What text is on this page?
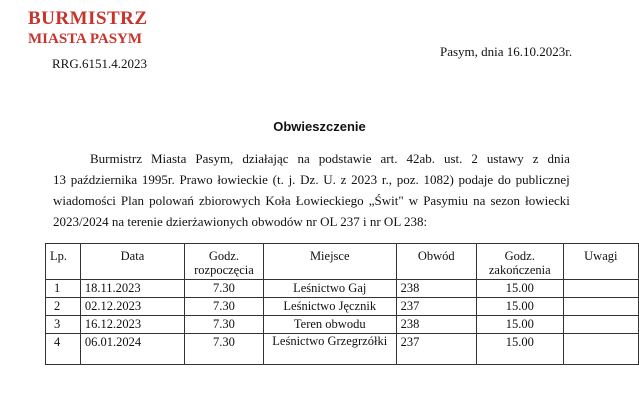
BURMISTRZ
MIASTA PASYM
RRG.6151.4.2023
Pasym, dnia 16.10.2023r.
Obwieszczenie
Burmistrz Miasta Pasym, działając na podstawie art. 42ab. ust. 2 ustawy z dnia
13 października 1995r. Prawo łowieckie (t. j. Dz. U. z 2023 r., poz. 1082) podaje do publicznej
wiadomości Plan polowań zbiorowych Koła Łowieckiego „Świt" w Pasymiu na sezon łowiecki
2023/2024 na terenie dzierżawionych obwodów nr OL 237 i nr OL 238:
Lp.	Data	Godz. rozpoczęcia	Miejsce	Obwód	Godz. zakończenia	Uwagi
1	18.11.2023	7.30	Leśnictwo Gaj	238	15.00	
2	02.12.2023	7.30	Leśnictwo Jęcznik	237	15.00	
3	16.12.2023	7.30	Teren obwodu	238	15.00	
4	06.01.2024	7.30	Leśnictwo Grzegrzółki	237	15.00	
